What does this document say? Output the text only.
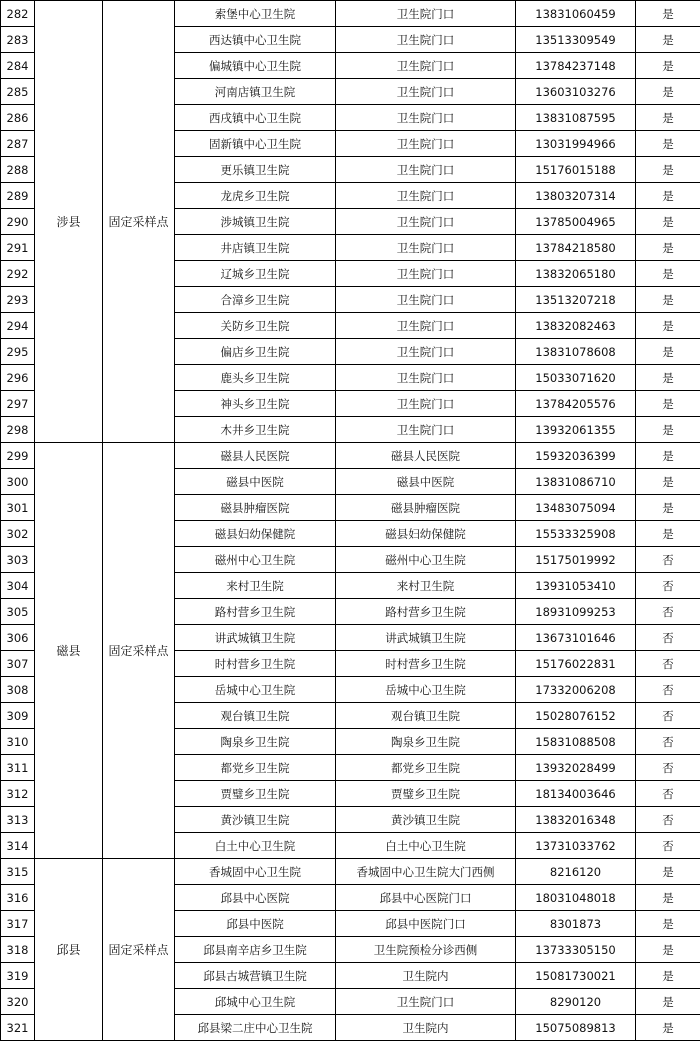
282	涉县	固定采样点	索堡中心卫生院	卫生院门口	13831060459	是
283			西达镇中心卫生院	卫生院门口	13513309549	是
284			偏城镇中心卫生院	卫生院门口	13784237148	是
285			河南店镇卫生院	卫生院门口	13603103276	是
286			西戌镇中心卫生院	卫生院门口	13831087595	是
287			固新镇中心卫生院	卫生院门口	13031994966	是
288			更乐镇卫生院	卫生院门口	15176015188	是
289			龙虎乡卫生院	卫生院门口	13803207314	是
290			涉城镇卫生院	卫生院门口	13785004965	是
291			井店镇卫生院	卫生院门口	13784218580	是
292			辽城乡卫生院	卫生院门口	13832065180	是
293			合漳乡卫生院	卫生院门口	13513207218	是
294			关防乡卫生院	卫生院门口	13832082463	是
295			偏店乡卫生院	卫生院门口	13831078608	是
296			鹿头乡卫生院	卫生院门口	15033071620	是
297			神头乡卫生院	卫生院门口	13784205576	是
298			木井乡卫生院	卫生院门口	13932061355	是
299	磁县	固定采样点	磁县人民医院	磁县人民医院	15932036399	是
300			磁县中医院	磁县中医院	13831086710	是
301			磁县肿瘤医院	磁县肿瘤医院	13483075094	是
302			磁县妇幼保健院	磁县妇幼保健院	15533325908	是
303			磁州中心卫生院	磁州中心卫生院	15175019992	否
304			来村卫生院	来村卫生院	13931053410	否
305			路村营乡卫生院	路村营乡卫生院	18931099253	否
306			讲武城镇卫生院	讲武城镇卫生院	13673101646	否
307			时村营乡卫生院	时村营乡卫生院	15176022831	否
308			岳城中心卫生院	岳城中心卫生院	17332006208	否
309			观台镇卫生院	观台镇卫生院	15028076152	否
310			陶泉乡卫生院	陶泉乡卫生院	15831088508	否
311			都党乡卫生院	都党乡卫生院	13932028499	否
312			贾璧乡卫生院	贾璧乡卫生院	18134003646	否
313			黄沙镇卫生院	黄沙镇卫生院	13832016348	否
314			白土中心卫生院	白土中心卫生院	13731033762	否
315	邱县	固定采样点	香城固中心卫生院	香城固中心卫生院大门西侧	8216120	是
316			邱县中心医院	邱县中心医院门口	18031048018	是
317			邱县中医院	邱县中医院门口	8301873	是
318			邱县南辛店乡卫生院	卫生院预检分诊西侧	13733305150	是
319			邱县古城营镇卫生院	卫生院内	15081730021	是
320			邱城中心卫生院	卫生院门口	8290120	是
321			邱县梁二庄中心卫生院	卫生院内	15075089813	是
